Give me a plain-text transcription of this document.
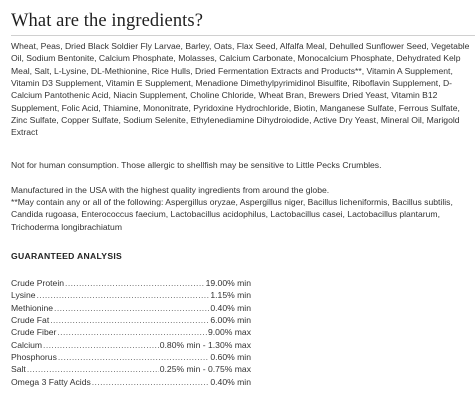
What are the ingredients?

Wheat, Peas, Dried Black Soldier Fly Larvae, Barley, Oats, Flax Seed, Alfalfa Meal, Dehulled Sunflower Seed, Vegetable Oil, Sodium Bentonite, Calcium Phosphate, Molasses, Calcium Carbonate, Monocalcium Phosphate, Dehydrated Kelp Meal, Salt, L-Lysine, DL-Methionine, Rice Hulls, Dried Fermentation Extracts and Products**, Vitamin A Supplement, Vitamin D3 Supplement, Vitamin E Supplement, Menadione Dimethylpyrimidinol Bisulfite, Riboflavin Supplement, D-Calcium Pantothenic Acid, Niacin Supplement, Choline Chloride, Wheat Bran, Brewers Dried Yeast, Vitamin B12 Supplement, Folic Acid, Thiamine, Mononitrate, Pyridoxine Hydrochloride, Biotin, Manganese Sulfate, Ferrous Sulfate, Zinc Sulfate, Copper Sulfate, Sodium Selenite, Ethylenediamine Dihydroiodide, Active Dry Yeast, Mineral Oil, Marigold Extract

Not for human consumption. Those allergic to shellfish may be sensitive to Little Pecks Crumbles.

Manufactured in the USA with the highest quality ingredients from around the globe.

**May contain any or all of the following: Aspergillus oryzae, Aspergillus niger, Bacillus licheniformis, Bacillus subtilis, Candida rugoasa, Enterococcus faecium, Lactobacillus acidophilus, Lactobacillus casei, Lactobacillus plantarum, Trichoderma longibrachiatum

GUARANTEED ANALYSIS
Crude Protein .....	19.00% min
Lysine .....	1.15% min
Methionine .....	0.40% min
Crude Fat .....	6.00% min
Crude Fiber .....	9.00% max
Calcium .....	0.80% min - 1.30% max
Phosphorus .....	0.60% min
Salt .....	0.25% min - 0.75% max
Omega 3 Fatty Acids .....	0.40% min
